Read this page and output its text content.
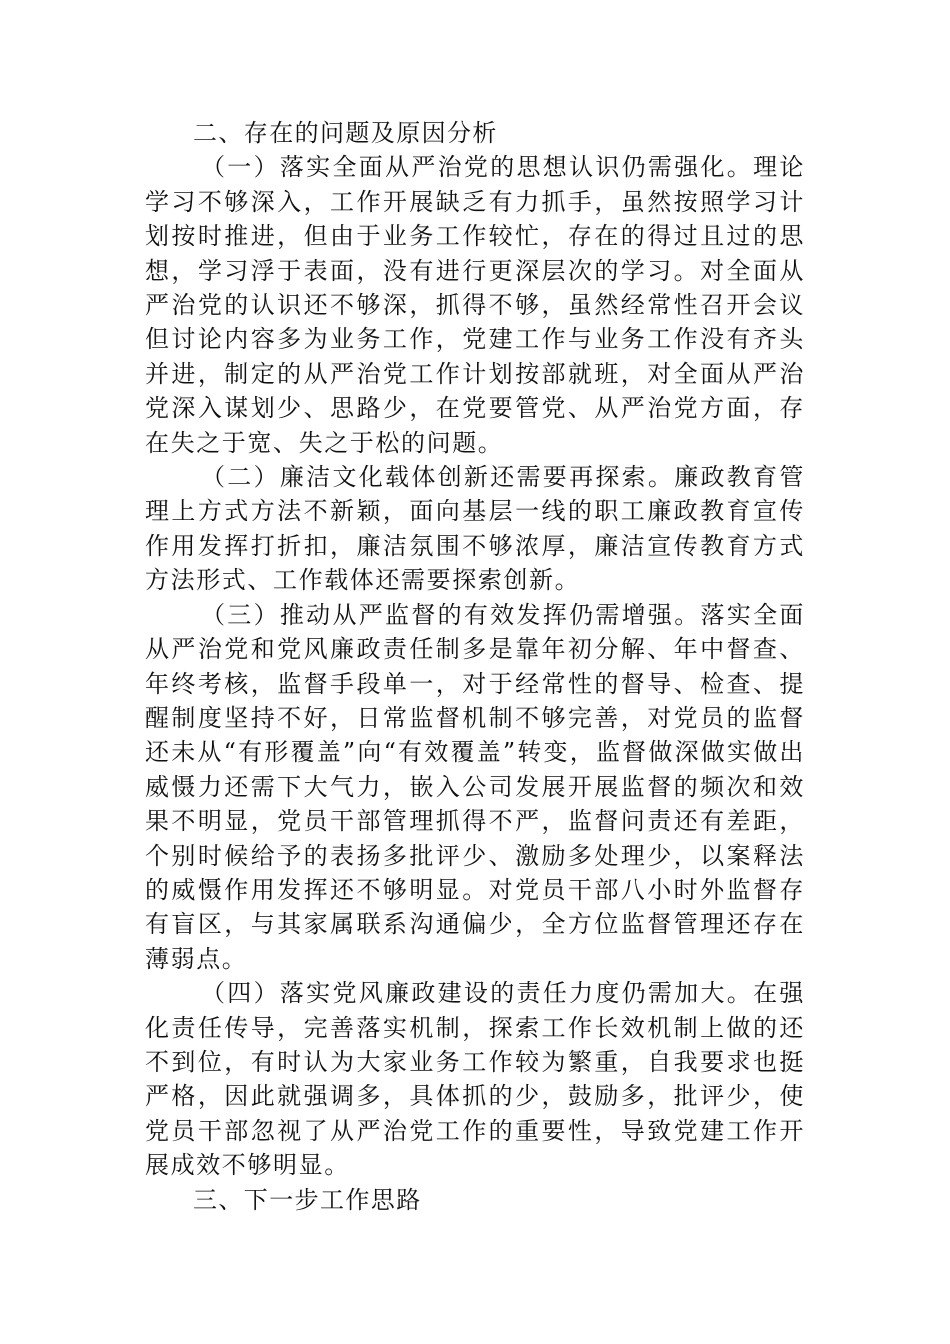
二、存在的问题及原因分析

（一）落实全面从严治党的思想认识仍需强化。理论学习不够深入，工作开展缺乏有力抓手，虽然按照学习计划按时推进，但由于业务工作较忙，存在的得过且过的思想，学习浮于表面，没有进行更深层次的学习。对全面从严治党的认识还不够深，抓得不够，虽然经常性召开会议但讨论内容多为业务工作，党建工作与业务工作没有齐头并进，制定的从严治党工作计划按部就班，对全面从严治党深入谋划少、思路少，在党要管党、从严治党方面，存在失之于宽、失之于松的问题。

（二）廉洁文化载体创新还需要再探索。廉政教育管理上方式方法不新颖，面向基层一线的职工廉政教育宣传作用发挥打折扣，廉洁氛围不够浓厚，廉洁宣传教育方式方法形式、工作载体还需要探索创新。

（三）推动从严监督的有效发挥仍需增强。落实全面从严治党和党风廉政责任制多是靠年初分解、年中督查、年终考核，监督手段单一，对于经常性的督导、检查、提醒制度坚持不好，日常监督机制不够完善，对党员的监督还未从“有形覆盖”向“有效覆盖”转变，监督做深做实做出威慑力还需下大气力，嵌入公司发展开展监督的频次和效果不明显，党员干部管理抓得不严，监督问责还有差距，个别时候给予的表扬多批评少、激励多处理少，以案释法的威慑作用发挥还不够明显。对党员干部八小时外监督存有盲区，与其家属联系沟通偏少，全方位监督管理还存在薄弱点。

（四）落实党风廉政建设的责任力度仍需加大。在强化责任传导，完善落实机制，探索工作长效机制上做的还不到位，有时认为大家业务工作较为繁重，自我要求也挺严格，因此就强调多，具体抓的少，鼓励多，批评少，使党员干部忽视了从严治党工作的重要性，导致党建工作开展成效不够明显。

三、下一步工作思路
